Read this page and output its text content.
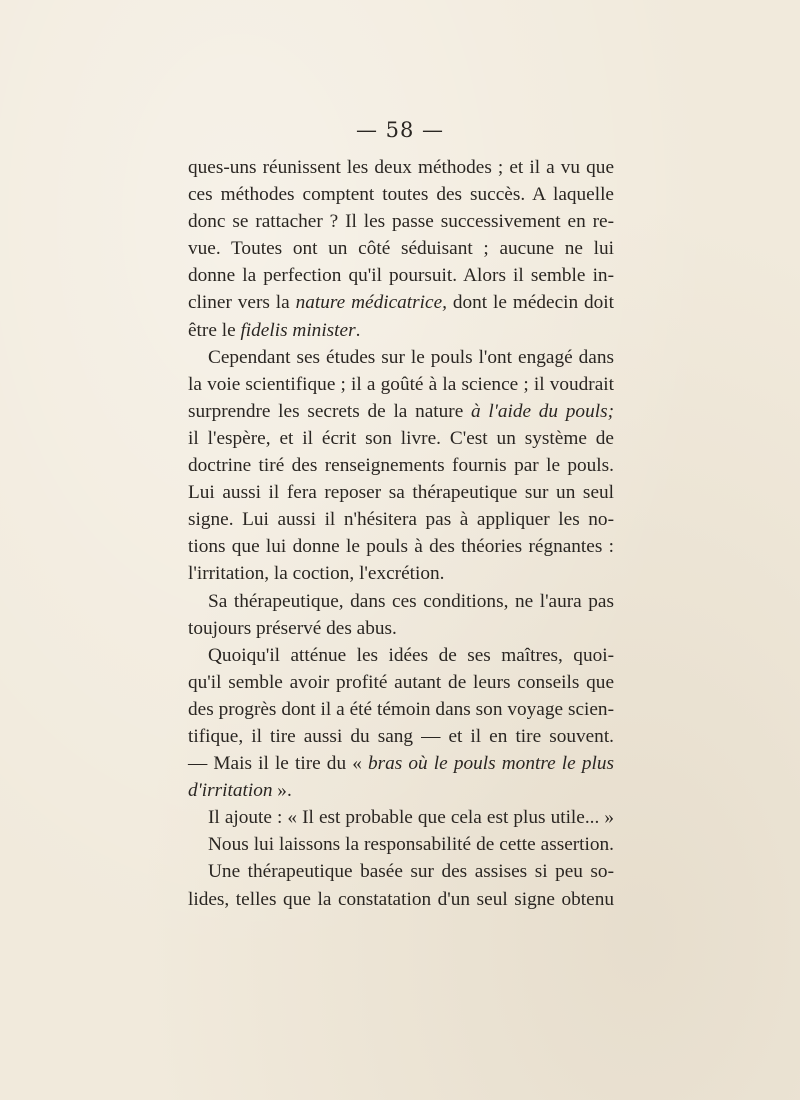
— 58 —
ques-uns réunissent les deux méthodes ; et il a vu que
ces méthodes comptent toutes des succès. A laquelle
donc se rattacher ? Il les passe successivement en re-
vue. Toutes ont un côté séduisant ; aucune ne lui
donne la perfection qu'il poursuit. Alors il semble in-
cliner vers la nature médicatrice, dont le médecin doit
être le fidelis minister.
Cependant ses études sur le pouls l'ont engagé dans
la voie scientifique ; il a goûté à la science ; il voudrait
surprendre les secrets de la nature à l'aide du pouls;
il l'espère, et il écrit son livre. C'est un système de
doctrine tiré des renseignements fournis par le pouls.
Lui aussi il fera reposer sa thérapeutique sur un seul
signe. Lui aussi il n'hésitera pas à appliquer les no-
tions que lui donne le pouls à des théories régnantes :
l'irritation, la coction, l'excrétion.
Sa thérapeutique, dans ces conditions, ne l'aura pas
toujours préservé des abus.
Quoiqu'il atténue les idées de ses maîtres, quoi-
qu'il semble avoir profité autant de leurs conseils que
des progrès dont il a été témoin dans son voyage scien-
tifique, il tire aussi du sang — et il en tire souvent.
— Mais il le tire du « bras où le pouls montre le plus
d'irritation ».
Il ajoute : « Il est probable que cela est plus utile... »
Nous lui laissons la responsabilité de cette assertion.
Une thérapeutique basée sur des assises si peu so-
lides, telles que la constatation d'un seul signe obtenu
